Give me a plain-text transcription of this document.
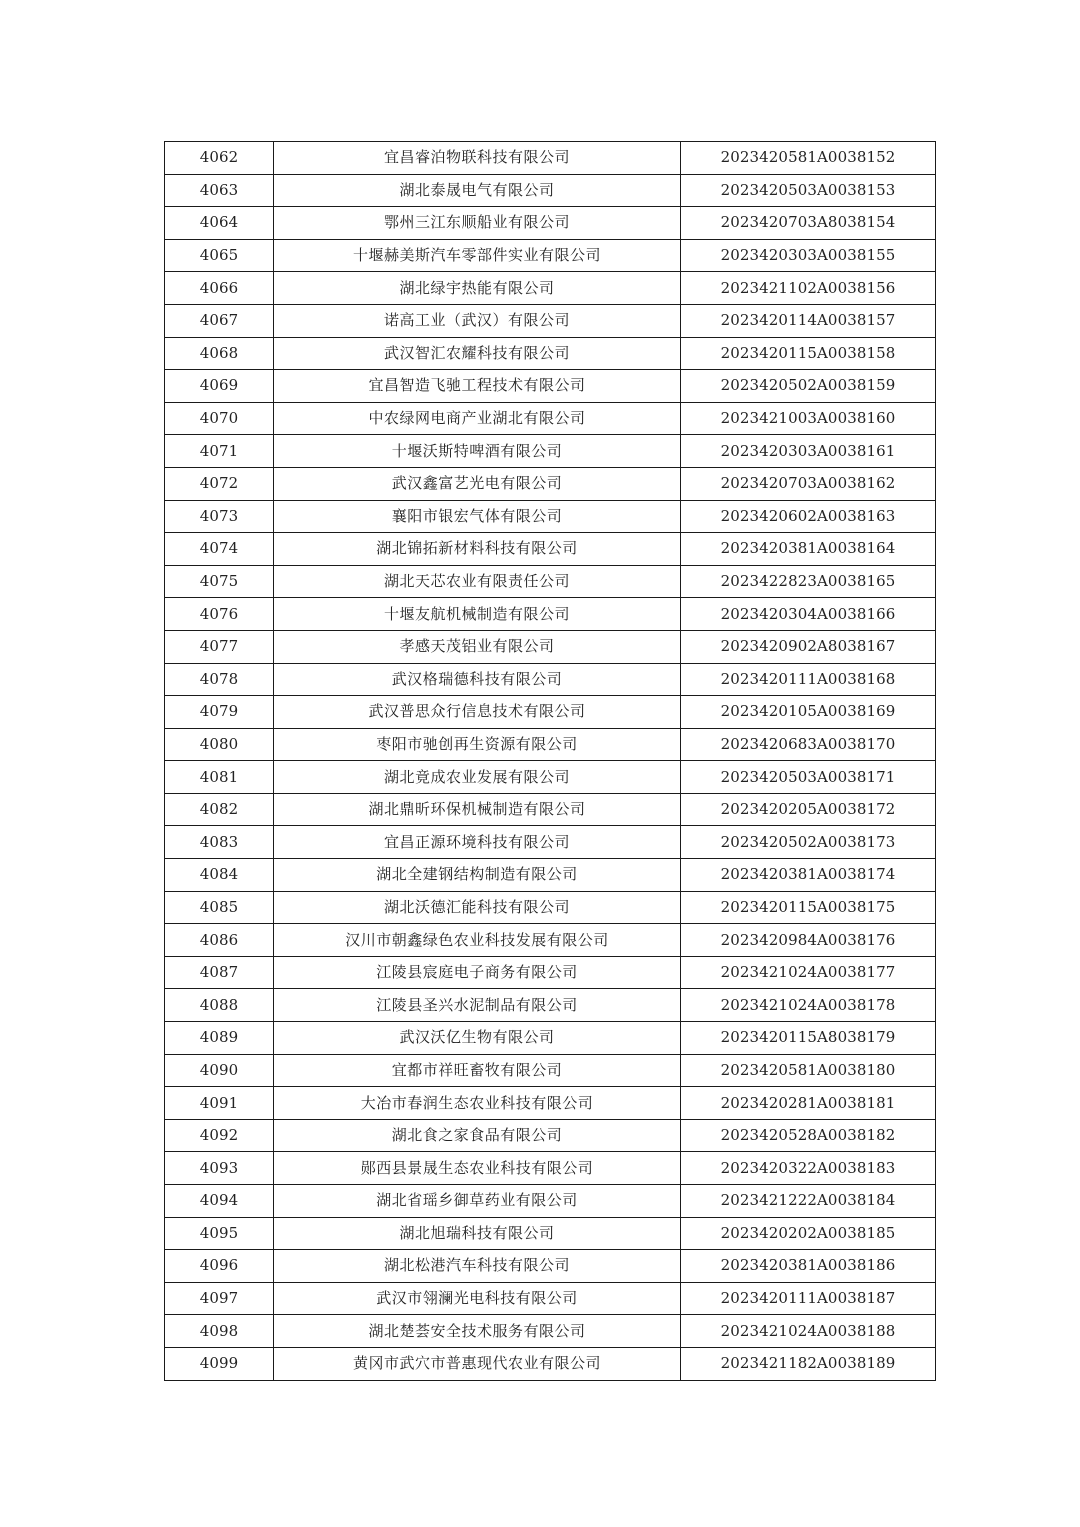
4062	宜昌睿泊物联科技有限公司	2023420581A0038152
4063	湖北泰晟电气有限公司	2023420503A0038153
4064	鄂州三江东顺船业有限公司	2023420703A8038154
4065	十堰赫美斯汽车零部件实业有限公司	2023420303A0038155
4066	湖北绿宇热能有限公司	2023421102A0038156
4067	诺高工业（武汉）有限公司	2023420114A0038157
4068	武汉智汇农耀科技有限公司	2023420115A0038158
4069	宜昌智造飞驰工程技术有限公司	2023420502A0038159
4070	中农绿网电商产业湖北有限公司	2023421003A0038160
4071	十堰沃斯特啤酒有限公司	2023420303A0038161
4072	武汉鑫富艺光电有限公司	2023420703A0038162
4073	襄阳市银宏气体有限公司	2023420602A0038163
4074	湖北锦拓新材料科技有限公司	2023420381A0038164
4075	湖北天芯农业有限责任公司	2023422823A0038165
4076	十堰友航机械制造有限公司	2023420304A0038166
4077	孝感天茂铝业有限公司	2023420902A8038167
4078	武汉格瑞德科技有限公司	2023420111A0038168
4079	武汉普思众行信息技术有限公司	2023420105A0038169
4080	枣阳市驰创再生资源有限公司	2023420683A0038170
4081	湖北竟成农业发展有限公司	2023420503A0038171
4082	湖北鼎昕环保机械制造有限公司	2023420205A0038172
4083	宜昌正源环境科技有限公司	2023420502A0038173
4084	湖北全建钢结构制造有限公司	2023420381A0038174
4085	湖北沃德汇能科技有限公司	2023420115A0038175
4086	汉川市朝鑫绿色农业科技发展有限公司	2023420984A0038176
4087	江陵县宸庭电子商务有限公司	2023421024A0038177
4088	江陵县圣兴水泥制品有限公司	2023421024A0038178
4089	武汉沃亿生物有限公司	2023420115A8038179
4090	宜都市祥旺畜牧有限公司	2023420581A0038180
4091	大冶市春润生态农业科技有限公司	2023420281A0038181
4092	湖北食之家食品有限公司	2023420528A0038182
4093	郧西县景晟生态农业科技有限公司	2023420322A0038183
4094	湖北省瑶乡御草药业有限公司	2023421222A0038184
4095	湖北旭瑞科技有限公司	2023420202A0038185
4096	湖北松港汽车科技有限公司	2023420381A0038186
4097	武汉市翎澜光电科技有限公司	2023420111A0038187
4098	湖北楚荟安全技术服务有限公司	2023421024A0038188
4099	黄冈市武穴市普惠现代农业有限公司	2023421182A0038189
